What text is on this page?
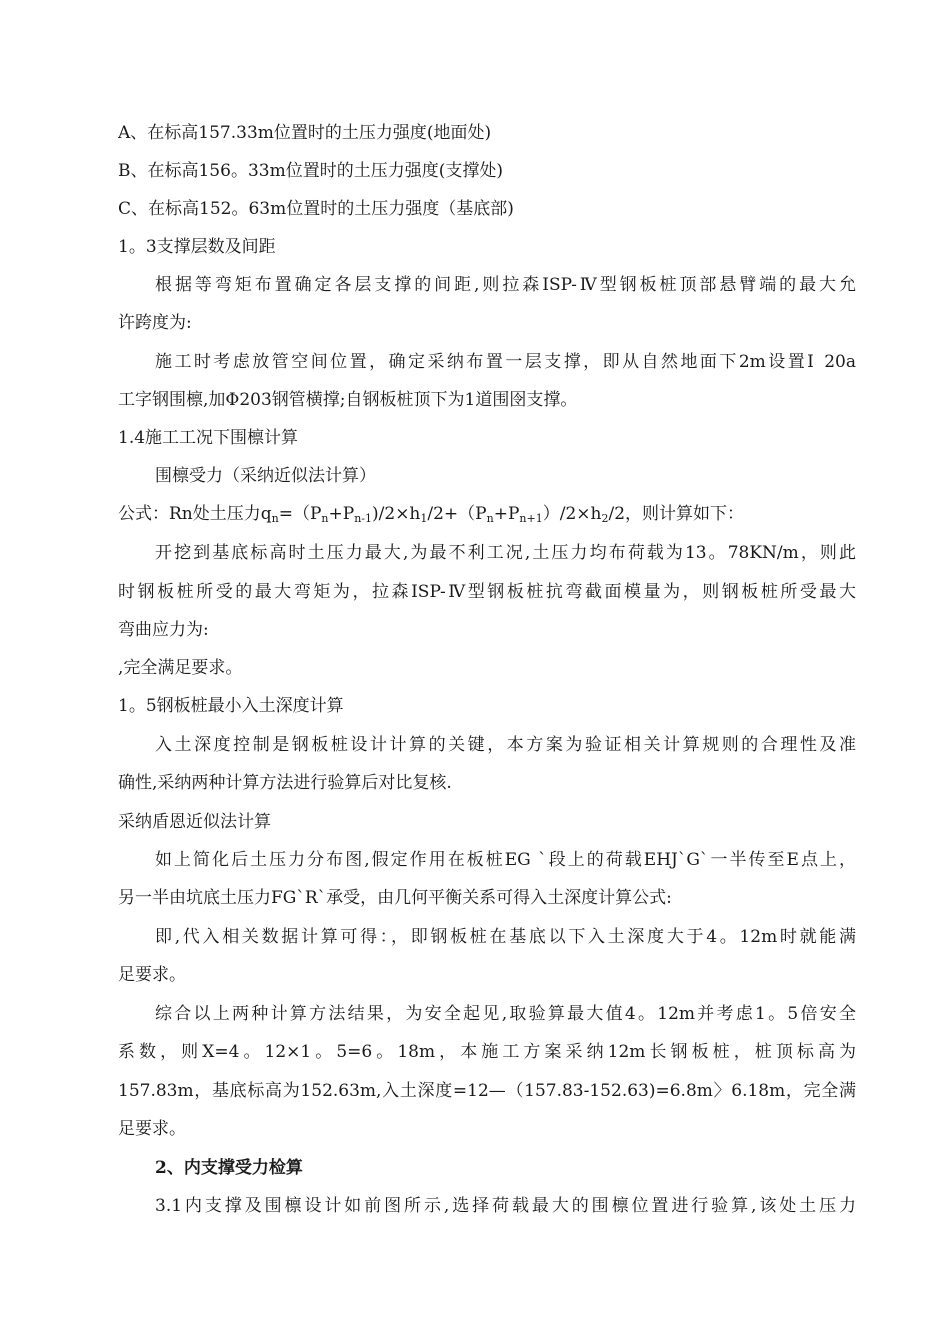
A、在标高157.33m位置时的土压力强度(地面处)
B、在标高156。33m位置时的土压力强度(支撑处)
C、在标高152。63m位置时的土压力强度（基底部)
1。3支撑层数及间距
根据等弯矩布置确定各层支撑的间距,则拉森ISP-Ⅳ型钢板桩顶部悬臂端的最大允
许跨度为:
施工时考虑放管空间位置，确定采纳布置一层支撑，即从自然地面下2m设置Ⅰ 20a
工字钢围檩,加Φ203钢管横撑;自钢板桩顶下为1道围囹支撑。
1.4施工工况下围檩计算
围檩受力（采纳近似法计算）
公式：Rn处土压力$q_n=(P_n+P_{n-1})/2\times h_1/2+(P_n+P_{n+1})/2\times h_2/2$，则计算如下：
开挖到基底标高时土压力最大,为最不利工况,土压力均布荷载为13。78KN/m，则此
时钢板桩所受的最大弯矩为，拉森ISP-Ⅳ型钢板桩抗弯截面模量为，则钢板桩所受最大
弯曲应力为:
,完全满足要求。
1。5钢板桩最小入土深度计算
入土深度控制是钢板桩设计计算的关键，本方案为验证相关计算规则的合理性及准
确性,采纳两种计算方法进行验算后对比复核.
采纳盾恩近似法计算
如上简化后土压力分布图,假定作用在板桩EG `段上的荷载EHJ`G`一半传至E点上，
另一半由坑底土压力FG`R`承受，由几何平衡关系可得入土深度计算公式:
即,代入相关数据计算可得：，即钢板桩在基底以下入土深度大于4。12m时就能满
足要求。
综合以上两种计算方法结果，为安全起见,取验算最大值4。12m并考虑1。5倍安全
系数，则X=4。12×1。5=6。18m，本施工方案采纳12m长钢板桩，桩顶标高为
157.83m，基底标高为152.63m,入土深度=12—（157.83-152.63)=6.8m〉6.18m，完全满
足要求。
2、内支撑受力检算
3.1内支撑及围檩设计如前图所示,选择荷载最大的围檩位置进行验算,该处土压力
